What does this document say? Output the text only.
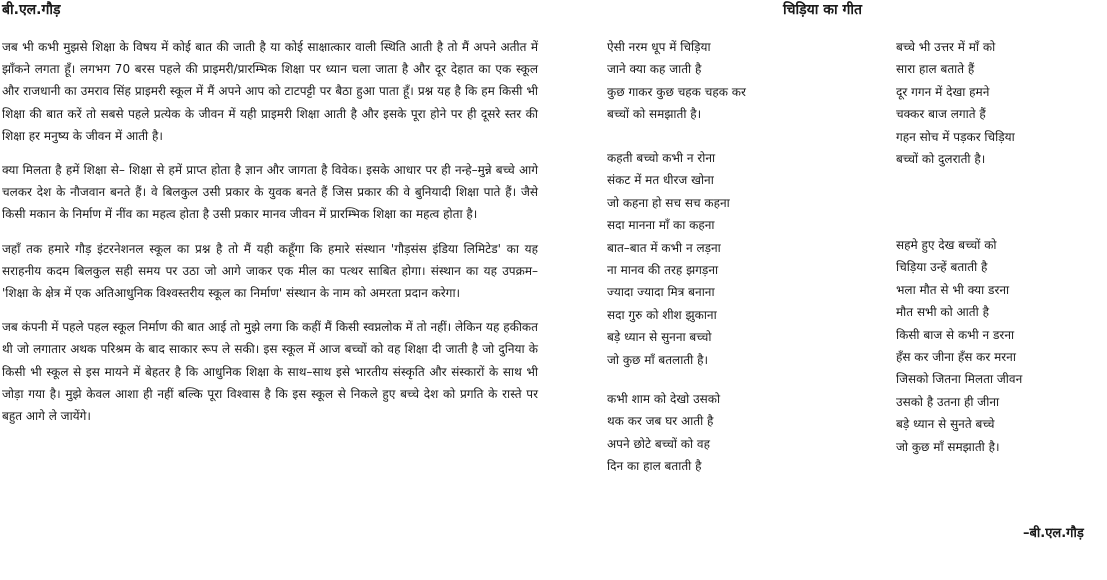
बी.एल.गौड़	चिड़िया का गीत

जब भी कभी मुझसे शिक्षा के विषय में कोई बात की जाती है या कोई साक्षात्कार वाली स्थिति आती है तो मैं अपने अतीत में झाँकने लगता हूँ। लगभग 70 बरस पहले की प्राइमरी/प्रारम्भिक शिक्षा पर ध्यान चला जाता है और दूर देहात का एक स्कूल और राजधानी का उमराव सिंह प्राइमरी स्कूल में मैं अपने आप को टाटपट्टी पर बैठा हुआ पाता हूँ। प्रश्न यह है कि हम किसी भी शिक्षा की बात करें तो सबसे पहले प्रत्येक के जीवन में यही प्राइमरी शिक्षा आती है और इसके पूरा होने पर ही दूसरे स्तर की शिक्षा हर मनुष्य के जीवन में आती है।

क्या मिलता है हमें शिक्षा से– शिक्षा से हमें प्राप्त होता है ज्ञान और जागता है विवेक। इसके आधार पर ही नन्हे–मुन्ने बच्चे आगे चलकर देश के नौजवान बनते हैं। वे बिलकुल उसी प्रकार के युवक बनते हैं जिस प्रकार की वे बुनियादी शिक्षा पाते हैं। जैसे किसी मकान के निर्माण में नींव का महत्व होता है उसी प्रकार मानव जीवन में प्रारम्भिक शिक्षा का महत्व होता है।

जहाँ तक हमारे गौड़ इंटरनेशनल स्कूल का प्रश्न है तो मैं यही कहूँगा कि हमारे संस्थान 'गौड़संस इंडिया लिमिटेड' का यह सराहनीय कदम बिलकुल सही समय पर उठा जो आगे जाकर एक मील का पत्थर साबित होगा। संस्थान का यह उपक्रम– 'शिक्षा के क्षेत्र में एक अतिआधुनिक विश्वस्तरीय स्कूल का निर्माण' संस्थान के नाम को अमरता प्रदान करेगा।

जब कंपनी में पहले पहल स्कूल निर्माण की बात आई तो मुझे लगा कि कहीं मैं किसी स्वप्नलोक में तो नहीं। लेकिन यह हकीकत थी जो लगातार अथक परिश्रम के बाद साकार रूप ले सकी। इस स्कूल में आज बच्चों को वह शिक्षा दी जाती है जो दुनिया के किसी भी स्कूल से इस मायने में बेहतर है कि आधुनिक शिक्षा के साथ–साथ इसे भारतीय संस्कृति और संस्कारों के साथ भी जोड़ा गया है। मुझे केवल आशा ही नहीं बल्कि पूरा विश्वास है कि इस स्कूल से निकले हुए बच्चे देश को प्रगति के रास्ते पर बहुत आगे ले जायेंगे।

ऐसी नरम धूप में चिड़िया
जाने क्या कह जाती है
कुछ गाकर कुछ चहक चहक कर
बच्चों को समझाती है।
कहती बच्चो कभी न रोना
संकट में मत धीरज खोना
जो कहना हो सच सच कहना
सदा मानना माँ का कहना
बात–बात में कभी न लड़ना
ना मानव की तरह झगड़ना
ज्यादा ज्यादा मित्र बनाना
सदा गुरु को शीश झुकाना
बड़े ध्यान से सुनना बच्चो
जो कुछ माँ बतलाती है।
कभी शाम को देखो उसको
थक कर जब घर आती है
अपने छोटे बच्चों को वह
दिन का हाल बताती है
बच्चे भी उत्तर में माँ को
सारा हाल बताते हैं
दूर गगन में देखा हमने
चक्कर बाज लगाते हैं
गहन सोच में पड़कर चिड़िया
बच्चों को दुलराती है।
सहमे हुए देख बच्चों को
चिड़िया उन्हें बताती है
भला मौत से भी क्या डरना
मौत सभी को आती है
किसी बाज से कभी न डरना
हँस कर जीना हँस कर मरना
जिसको जितना मिलता जीवन
उसको है उतना ही जीना
बड़े ध्यान से सुनते बच्चे
जो कुछ माँ समझाती है।
–बी.एल.गौड़
